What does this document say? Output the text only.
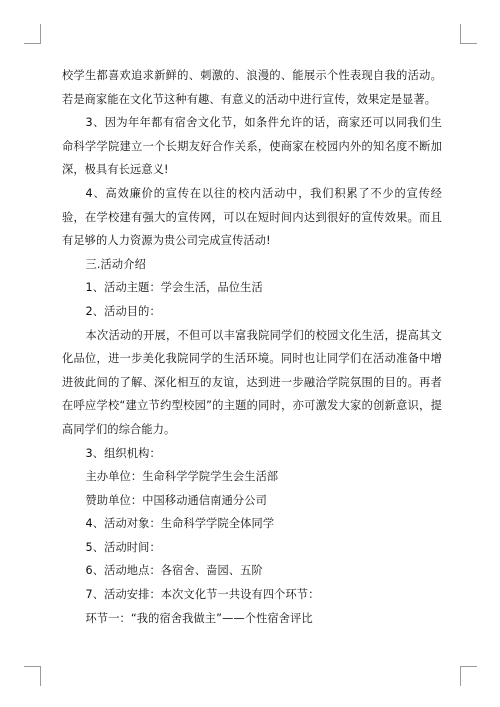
校学生都喜欢追求新鲜的、刺激的、浪漫的、能展示个性表现自我的活动。若是商家能在文化节这种有趣、有意义的活动中进行宣传，效果定是显著。

3、因为年年都有宿舍文化节，如条件允许的话，商家还可以同我们生命科学学院建立一个长期友好合作关系，使商家在校园内外的知名度不断加深，极具有长远意义!

4、高效廉价的宣传在以往的校内活动中，我们积累了不少的宣传经验，在学校建有强大的宣传网，可以在短时间内达到很好的宣传效果。而且有足够的人力资源为贵公司完成宣传活动!

三.活动介绍

1、活动主题：学会生活，品位生活

2、活动目的：

本次活动的开展，不但可以丰富我院同学们的校园文化生活，提高其文化品位，进一步美化我院同学的生活环境。同时也让同学们在活动准备中增进彼此间的了解、深化相互的友谊，达到进一步融洽学院氛围的目的。再者在呼应学校“建立节约型校园”的主题的同时，亦可激发大家的创新意识，提高同学们的综合能力。

3、组织机构：

主办单位：生命科学学院学生会生活部

赞助单位：中国移动通信南通分公司

4、活动对象：生命科学学院全体同学

5、活动时间：

6、活动地点：各宿舍、啬园、五阶

7、活动安排：本次文化节一共设有四个环节：

环节一：“我的宿舍我做主”——个性宿舍评比
